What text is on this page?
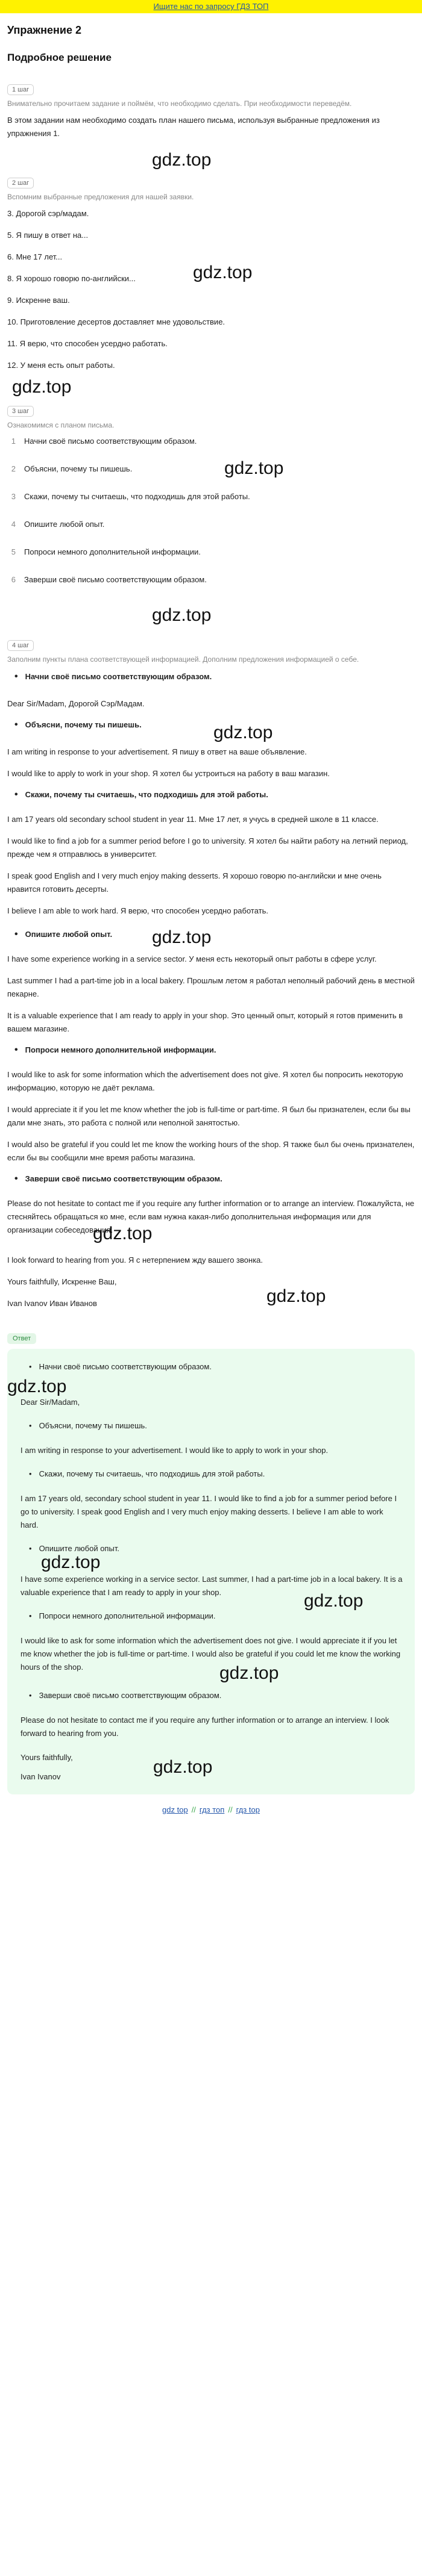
Ищите нас по запросу ГДЗ ТОП
Упражнение 2
Подробное решение
1 шаг
Внимательно прочитаем задание и поймём, что необходимо сделать. При необходимости переведём.

В этом задании нам необходимо создать план нашего письма, используя выбранные предложения из упражнения 1.

gdz.top
2 шаг
Вспомним выбранные предложения для нашей заявки.

3. Дорогой сэр/мадам.

5. Я пишу в ответ на...

6. Мне 17 лет...

8. Я хорошо говорю по-английски...	gdz.top

9. Искренне ваш.

10. Приготовление десертов доставляет мне удовольствие.

11. Я верю, что способен усердно работать.

12. У меня есть опыт работы.

gdz.top
3 шаг
Ознакомимся с планом письма.
1 Начни своё письмо соответствующим образом.
2 Объясни, почему ты пишешь.	gdz.top
3 Скажи, почему ты считаешь, что подходишь для этой работы.
4 Опишите любой опыт.
5 Попроси немного дополнительной информации.
6 Заверши своё письмо соответствующим образом.
gdz.top
4 шаг
Заполним пункты плана соответствующей информацией. Дополним предложения информацией о себе.
• Начни своё письмо соответствующим образом.

Dear Sir/Madam, Дорогой Сэр/Мадам.

• Объясни, почему ты пишешь.	gdz.top

I am writing in response to your advertisement. Я пишу в ответ на ваше объявление.

I would like to apply to work in your shop. Я хотел бы устроиться на работу в ваш магазин.

• Скажи, почему ты считаешь, что подходишь для этой работы.

I am 17 years old secondary school student in year 11. Мне 17 лет, я учусь в средней школе в 11 классе.

I would like to find a job for a summer period before I go to university. Я хотел бы найти работу на летний период, прежде чем я отправлюсь в университет.

I speak good English and I very much enjoy making desserts. Я хорошо говорю по-английски и мне очень нравится готовить десерты.

I believe I am able to work hard. Я верю, что способен усердно работать.

• Опишите любой опыт. gdz.top

I have some experience working in a service sector. У меня есть некоторый опыт работы в сфере услуг.

Last summer I had a part-time job in a local bakery. Прошлым летом я работал неполный рабочий день в местной пекарне.

It is a valuable experience that I am ready to apply in your shop. Это ценный опыт, который я готов применить в вашем магазине.

• Попроси немного дополнительной информации.

I would like to ask for some information which the advertisement does not give. Я хотел бы попросить некоторую информацию, которую не даёт реклама.

I would appreciate it if you let me know whether the job is full-time or part-time. Я был бы признателен, если бы вы дали мне знать, это работа с полной или неполной занятостью.

I would also be grateful if you could let me know the working hours of the shop. Я также был бы очень признателен, если бы вы сообщили мне время работы магазина.

• Заверши своё письмо соответствующим образом.

Please do not hesitate to contact me if you require any further information or to arrange an interview. Пожалуйста, не стесняйтесь обращаться ко мне, если вам нужна какая-либо дополнительная информация или для организации собеседования.

gdz.top

I look forward to hearing from you. Я с нетерпением жду вашего звонка.

Yours faithfully, Искренне Ваш,

Ivan Ivanov Иван Иванов	gdz.top

Ответ
• Начни своё письмо соответствующим образом.
gdz.top

Dear Sir/Madam,

• Объясни, почему ты пишешь.

I am writing in response to your advertisement. I would like to apply to work in your shop.

• Скажи, почему ты считаешь, что подходишь для этой работы.

I am 17 years old, secondary school student in year 11. I would like to find a job for a summer period before I go to university. I speak good English and I very much enjoy making desserts. I believe I am able to work hard.

• Опишите любой опыт.
gdz.top

I have some experience working in a service sector. Last summer, I had a part-time job in a local bakery. It is a valuable experience that I am ready to apply in your shop.	gdz.top

• Попроси немного дополнительной информации.

I would like to ask for some information which the advertisement does not give. I would appreciate it if you let me know whether the job is full-time or part-time. I would also be grateful if you could let me know the working hours of the shop.	gdz.top

• Заверши своё письмо соответствующим образом.

Please do not hesitate to contact me if you require any further information or to arrange an interview. I look forward to hearing from you.

Yours faithfully,

Ivan Ivanov	gdz.top

gdz top // гдз топ // гдз top
